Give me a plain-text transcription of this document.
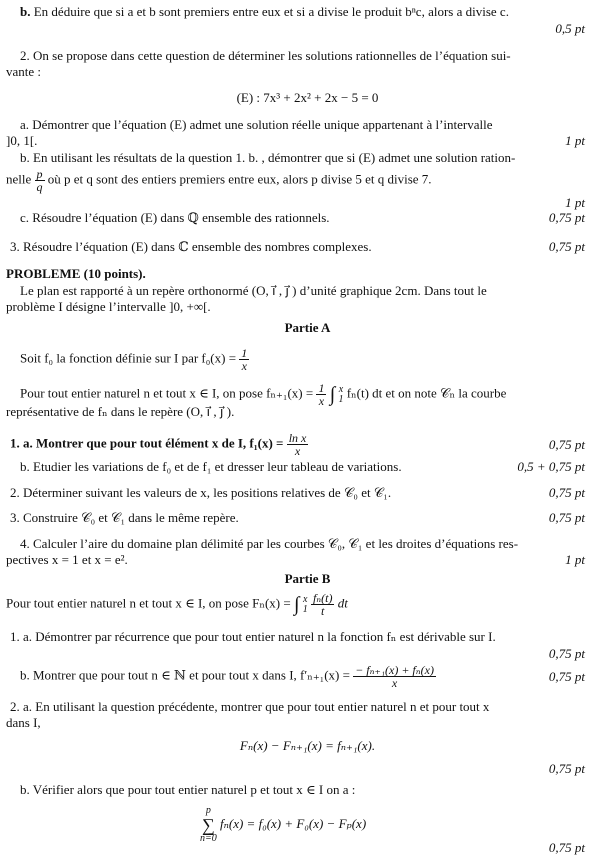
b. En déduire que si a et b sont premiers entre eux et si a divise le produit bⁿc, alors a divise c.
0,5 pt
2. On se propose dans cette question de déterminer les solutions rationnelles de l’équation sui-
vante :
(E) : 7x³ + 2x² + 2x − 5 = 0
a. Démontrer que l’équation (E) admet une solution réelle unique appartenant à l’intervalle
]0, 1[.	1 pt
b. En utilisant les résultats de la question 1. b. , démontrer que si (E) admet une solution ration-
nelle $\frac{p}{q}$ où p et q sont des entiers premiers entre eux, alors p divise 5 et q divise 7.
1 pt
c. Résoudre l’équation (E) dans ℚ ensemble des rationnels.	0,75 pt
3. Résoudre l’équation (E) dans ℂ ensemble des nombres complexes.	0,75 pt
PROBLEME (10 points).
Le plan est rapporté à un repère orthonormé (O, i⃗ , j⃗ ) d’unité graphique 2cm. Dans tout le
problème I désigne l’intervalle ]0, +∞[.
Partie A
Soit f₀ la fonction définie sur I par $f_0(x) = \frac{1}{x}$
Pour tout entier naturel n et tout x ∈ I, on pose $f_{n+1}(x) = \frac{1}{x}$ ∫ x
1 fₙ(t) dt et on note 𝒞ₙ la courbe
représentative de fₙ dans le repère (O, i⃗ , j⃗ ).
1. a. Montrer que pour tout élément x de I, $f_1(x) = \frac{\text{ln x}}{x}$	0,75 pt
b. Etudier les variations de f₀ et de f₁ et dresser leur tableau de variations.	0,5 + 0,75 pt
2. Déterminer suivant les valeurs de x, les positions relatives de 𝒞₀ et 𝒞₁.	0,75 pt
3. Construire 𝒞₀ et 𝒞₁ dans le même repère.	0,75 pt
4. Calculer l’aire du domaine plan délimité par les courbes 𝒞₀, 𝒞₁ et les droites d’équations res-
pectives x = 1 et x = e².	1 pt
Partie B
Pour tout entier naturel n et tout x ∈ I, on pose Fₙ(x) = ∫ x
1
$\frac{\text{fₙ(t)}}{t}$ dt
1. a. Démontrer par récurrence que pour tout entier naturel n la fonction fₙ est dérivable sur I.
0,75 pt
b. Montrer que pour tout n ∈ ℕ et pour tout x dans I, $f'_{n+1}(x) = \frac{\text{− fₙ₊₁(x) + fₙ(x)}}{x}$	0,75 pt
2. a. En utilisant la question précédente, montrer que pour tout entier naturel n et pour tout x
dans I,
Fₙ(x) − Fₙ₊₁(x) = fₙ₊₁(x).
0,75 pt
b. Vérifier alors que pour tout entier naturel p et tout x ∈ I on a :
p
∑
n=0
fₙ(x) = f₀(x) + F₀(x) − Fₚ(x)
0,75 pt
